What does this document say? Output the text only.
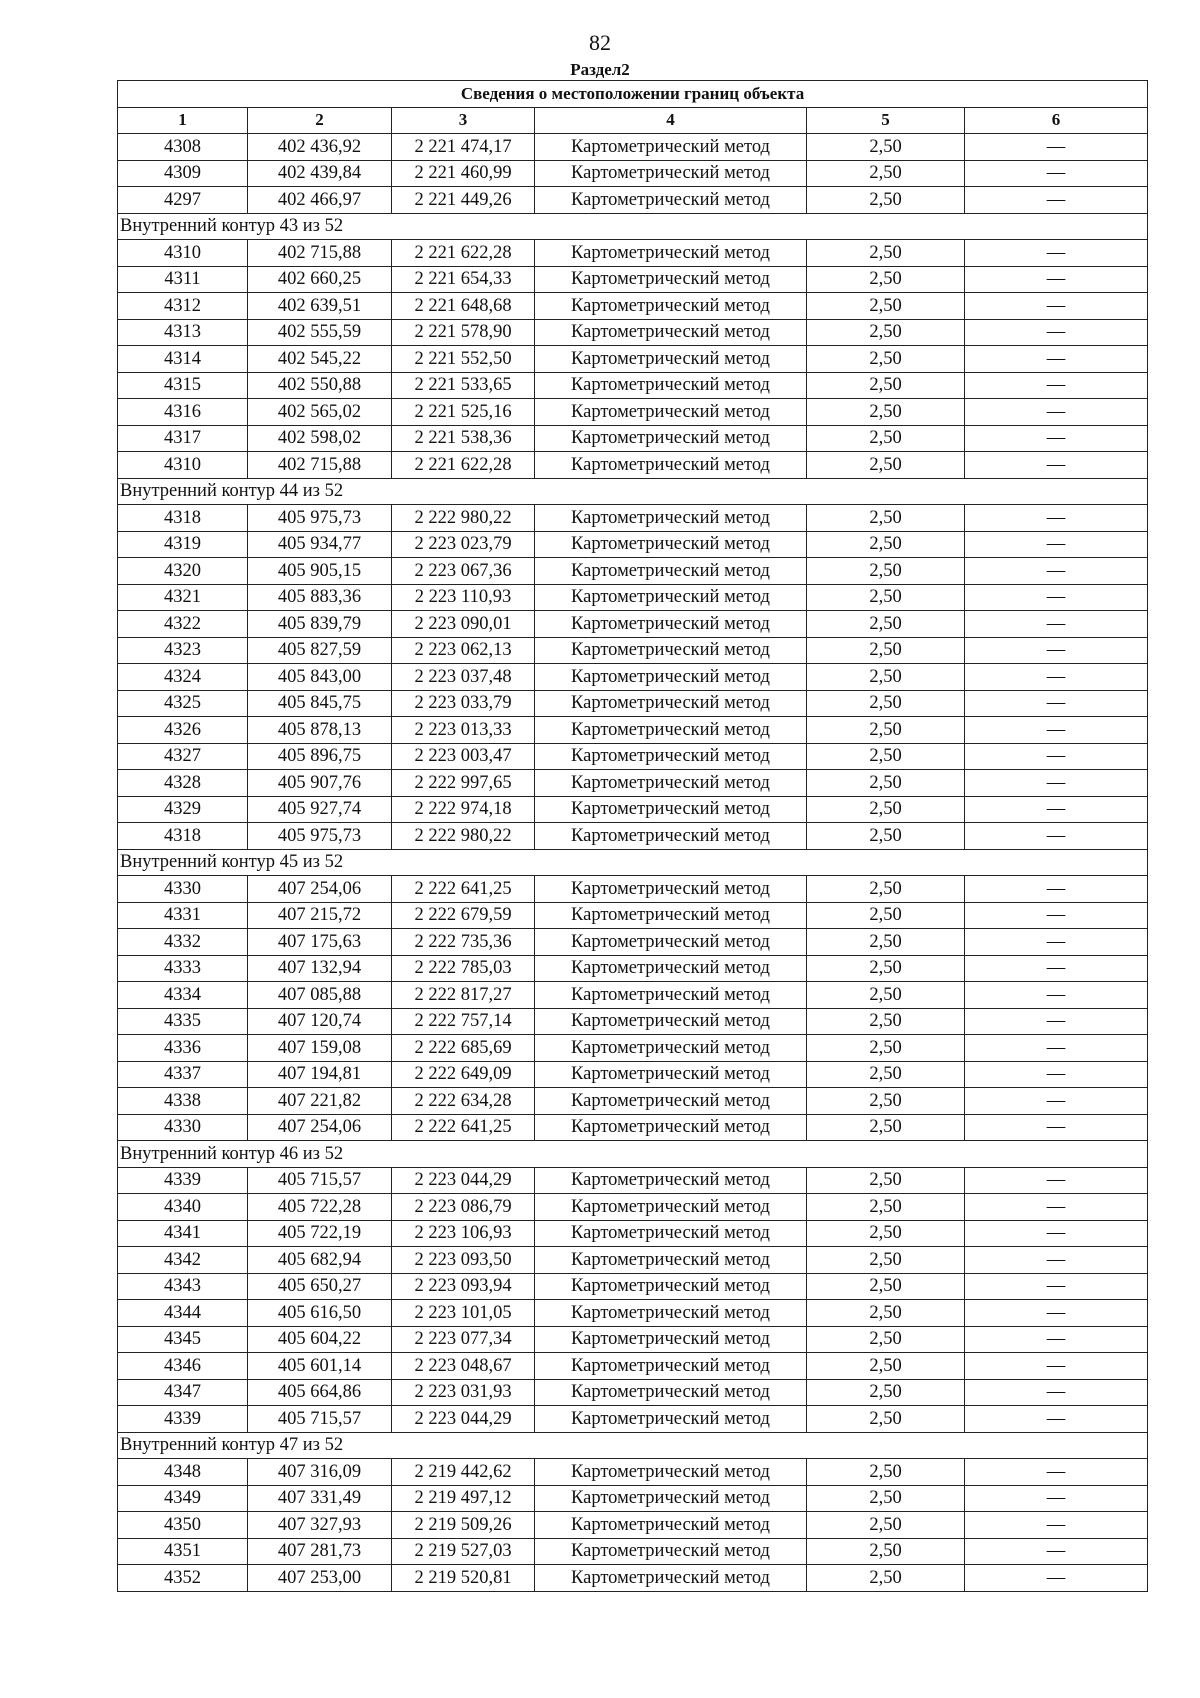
82
Раздел2
Сведения о местоположении границ объекта					
1	2	3	4	5	6
4308	402 436,92	2 221 474,17	Картометрический метод	2,50	—
4309	402 439,84	2 221 460,99	Картометрический метод	2,50	—
4297	402 466,97	2 221 449,26	Картометрический метод	2,50	—
Внутренний контур 43 из 52					
4310	402 715,88	2 221 622,28	Картометрический метод	2,50	—
4311	402 660,25	2 221 654,33	Картометрический метод	2,50	—
4312	402 639,51	2 221 648,68	Картометрический метод	2,50	—
4313	402 555,59	2 221 578,90	Картометрический метод	2,50	—
4314	402 545,22	2 221 552,50	Картометрический метод	2,50	—
4315	402 550,88	2 221 533,65	Картометрический метод	2,50	—
4316	402 565,02	2 221 525,16	Картометрический метод	2,50	—
4317	402 598,02	2 221 538,36	Картометрический метод	2,50	—
4310	402 715,88	2 221 622,28	Картометрический метод	2,50	—
Внутренний контур 44 из 52					
4318	405 975,73	2 222 980,22	Картометрический метод	2,50	—
4319	405 934,77	2 223 023,79	Картометрический метод	2,50	—
4320	405 905,15	2 223 067,36	Картометрический метод	2,50	—
4321	405 883,36	2 223 110,93	Картометрический метод	2,50	—
4322	405 839,79	2 223 090,01	Картометрический метод	2,50	—
4323	405 827,59	2 223 062,13	Картометрический метод	2,50	—
4324	405 843,00	2 223 037,48	Картометрический метод	2,50	—
4325	405 845,75	2 223 033,79	Картометрический метод	2,50	—
4326	405 878,13	2 223 013,33	Картометрический метод	2,50	—
4327	405 896,75	2 223 003,47	Картометрический метод	2,50	—
4328	405 907,76	2 222 997,65	Картометрический метод	2,50	—
4329	405 927,74	2 222 974,18	Картометрический метод	2,50	—
4318	405 975,73	2 222 980,22	Картометрический метод	2,50	—
Внутренний контур 45 из 52					
4330	407 254,06	2 222 641,25	Картометрический метод	2,50	—
4331	407 215,72	2 222 679,59	Картометрический метод	2,50	—
4332	407 175,63	2 222 735,36	Картометрический метод	2,50	—
4333	407 132,94	2 222 785,03	Картометрический метод	2,50	—
4334	407 085,88	2 222 817,27	Картометрический метод	2,50	—
4335	407 120,74	2 222 757,14	Картометрический метод	2,50	—
4336	407 159,08	2 222 685,69	Картометрический метод	2,50	—
4337	407 194,81	2 222 649,09	Картометрический метод	2,50	—
4338	407 221,82	2 222 634,28	Картометрический метод	2,50	—
4330	407 254,06	2 222 641,25	Картометрический метод	2,50	—
Внутренний контур 46 из 52					
4339	405 715,57	2 223 044,29	Картометрический метод	2,50	—
4340	405 722,28	2 223 086,79	Картометрический метод	2,50	—
4341	405 722,19	2 223 106,93	Картометрический метод	2,50	—
4342	405 682,94	2 223 093,50	Картометрический метод	2,50	—
4343	405 650,27	2 223 093,94	Картометрический метод	2,50	—
4344	405 616,50	2 223 101,05	Картометрический метод	2,50	—
4345	405 604,22	2 223 077,34	Картометрический метод	2,50	—
4346	405 601,14	2 223 048,67	Картометрический метод	2,50	—
4347	405 664,86	2 223 031,93	Картометрический метод	2,50	—
4339	405 715,57	2 223 044,29	Картометрический метод	2,50	—
Внутренний контур 47 из 52					
4348	407 316,09	2 219 442,62	Картометрический метод	2,50	—
4349	407 331,49	2 219 497,12	Картометрический метод	2,50	—
4350	407 327,93	2 219 509,26	Картометрический метод	2,50	—
4351	407 281,73	2 219 527,03	Картометрический метод	2,50	—
4352	407 253,00	2 219 520,81	Картометрический метод	2,50	—
